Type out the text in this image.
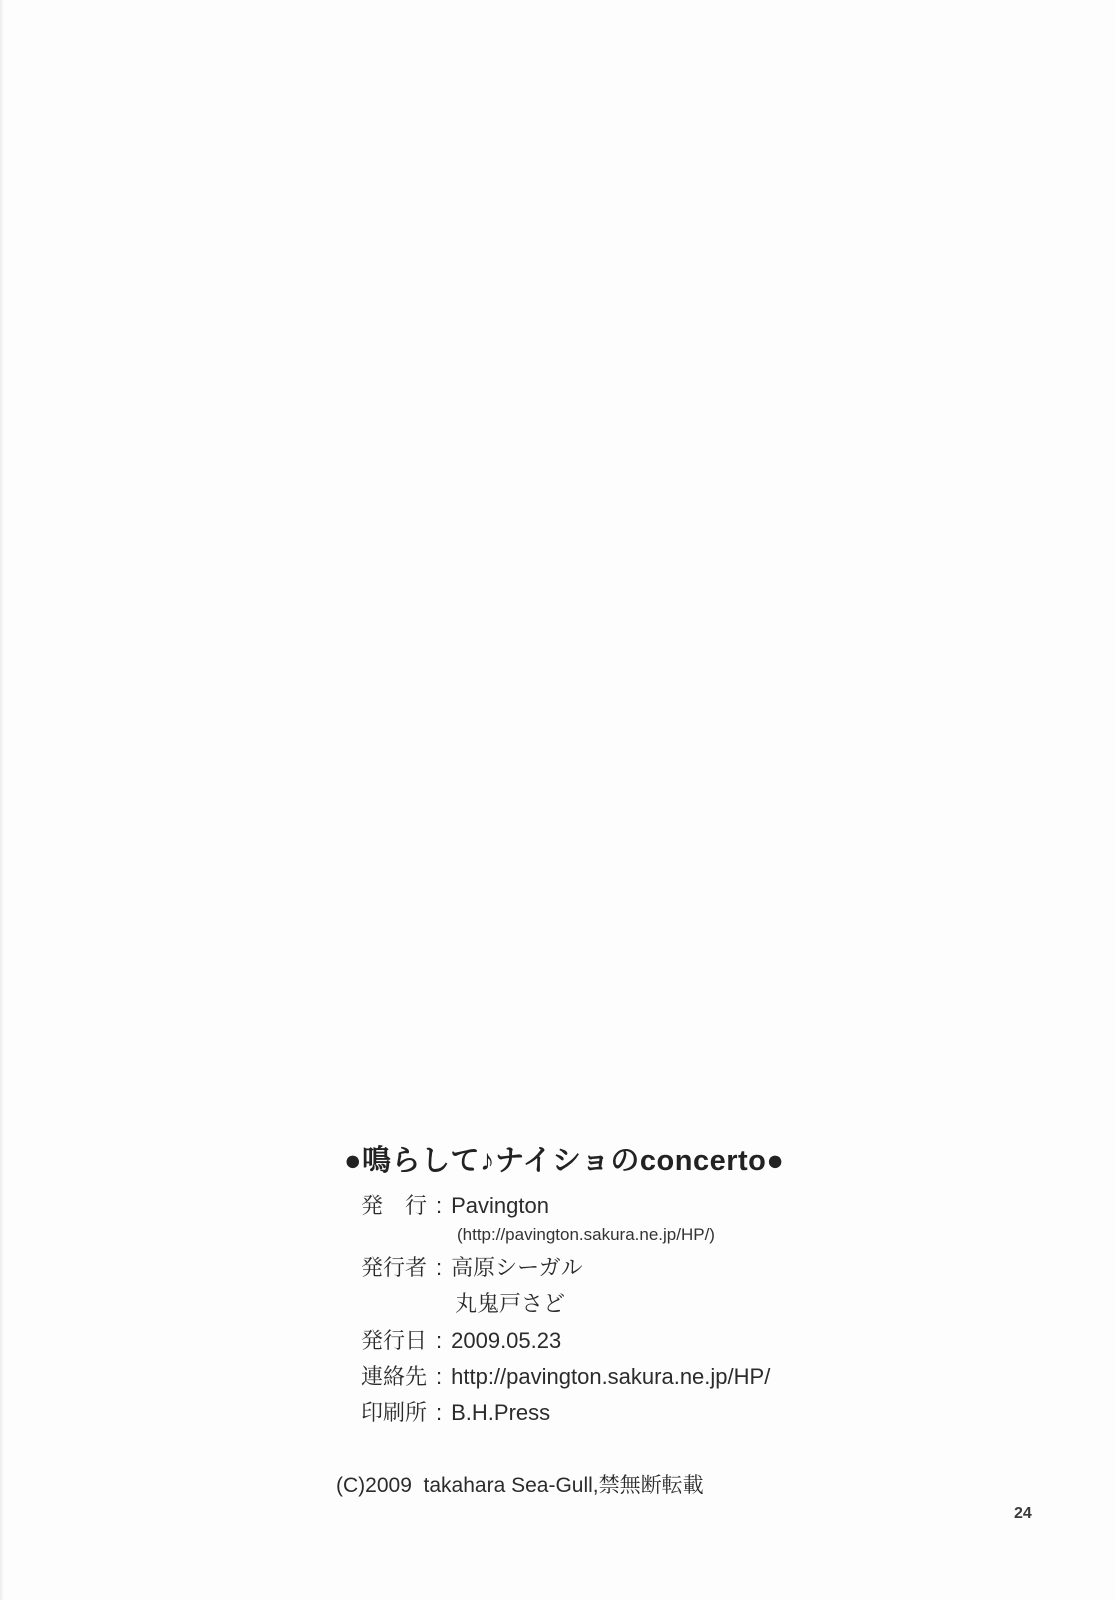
●鳴らして♪ナイショのconcerto●
発行 : Pavington
(http://pavington.sakura.ne.jp/HP/)
発行者 : 高原シーガル
丸鬼戸さど
発行日 : 2009.05.23
連絡先 : http://pavington.sakura.ne.jp/HP/
印刷所 : B.H.Press
(C)2009  takahara Sea-Gull,禁無断転載
24
